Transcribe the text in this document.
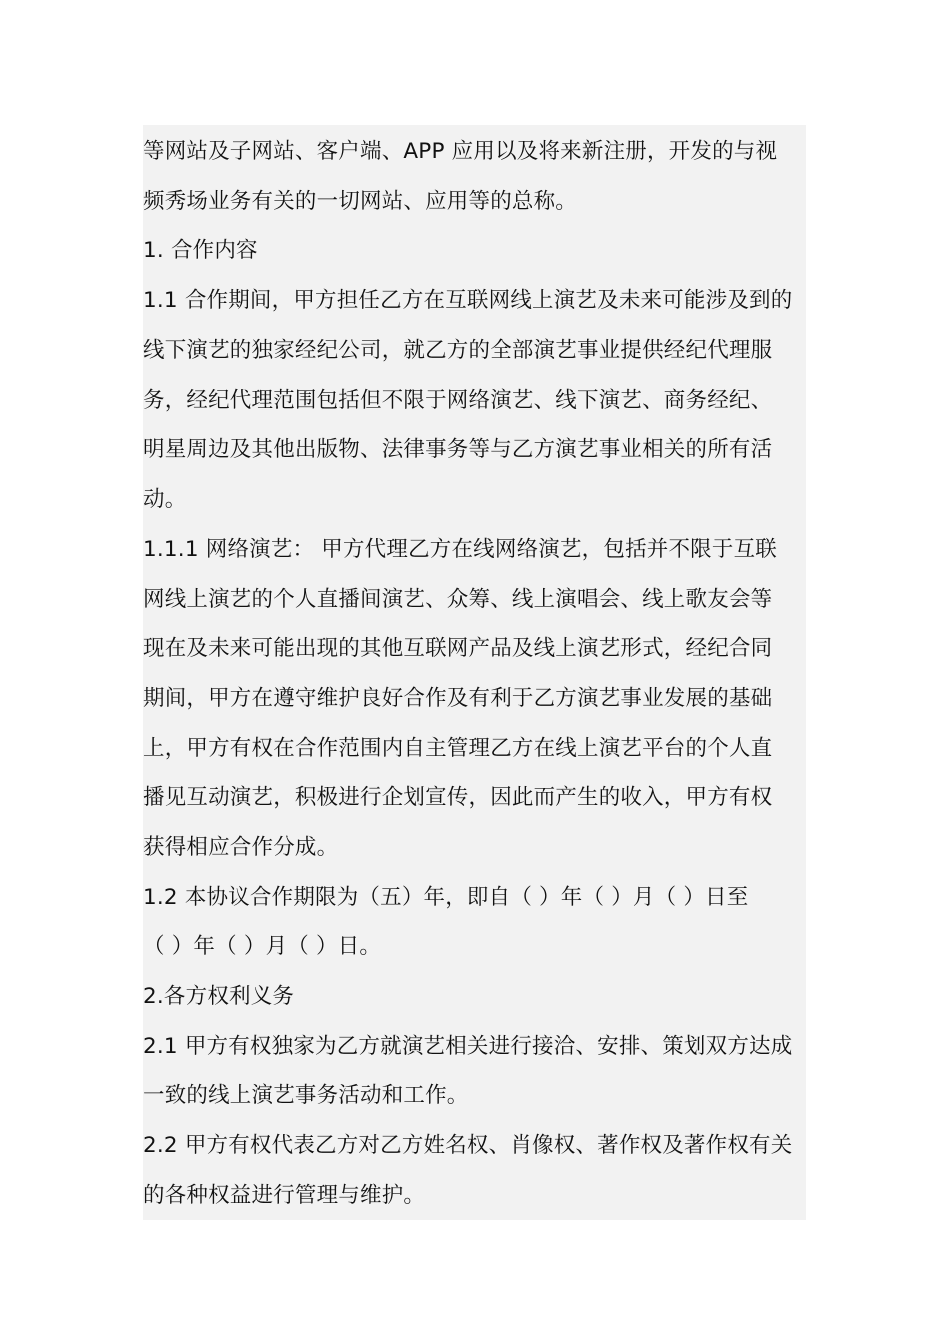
等网站及子网站、客户端、APP 应用以及将来新注册，开发的与视
频秀场业务有关的一切网站、应用等的总称。
1. 合作内容
1.1 合作期间，甲方担任乙方在互联网线上演艺及未来可能涉及到的
线下演艺的独家经纪公司，就乙方的全部演艺事业提供经纪代理服
务，经纪代理范围包括但不限于网络演艺、线下演艺、商务经纪、
明星周边及其他出版物、法律事务等与乙方演艺事业相关的所有活
动。
1.1.1 网络演艺： 甲方代理乙方在线网络演艺，包括并不限于互联
网线上演艺的个人直播间演艺、众筹、线上演唱会、线上歌友会等
现在及未来可能出现的其他互联网产品及线上演艺形式，经纪合同
期间，甲方在遵守维护良好合作及有利于乙方演艺事业发展的基础
上，甲方有权在合作范围内自主管理乙方在线上演艺平台的个人直
播见互动演艺，积极进行企划宣传，因此而产生的收入，甲方有权
获得相应合作分成。
1.2 本协议合作期限为（五）年，即自（ ）年（ ）月（ ）日至
（ ）年（ ）月（ ）日。
2.各方权利义务
2.1 甲方有权独家为乙方就演艺相关进行接洽、安排、策划双方达成
一致的线上演艺事务活动和工作。
2.2 甲方有权代表乙方对乙方姓名权、肖像权、著作权及著作权有关
的各种权益进行管理与维护。
